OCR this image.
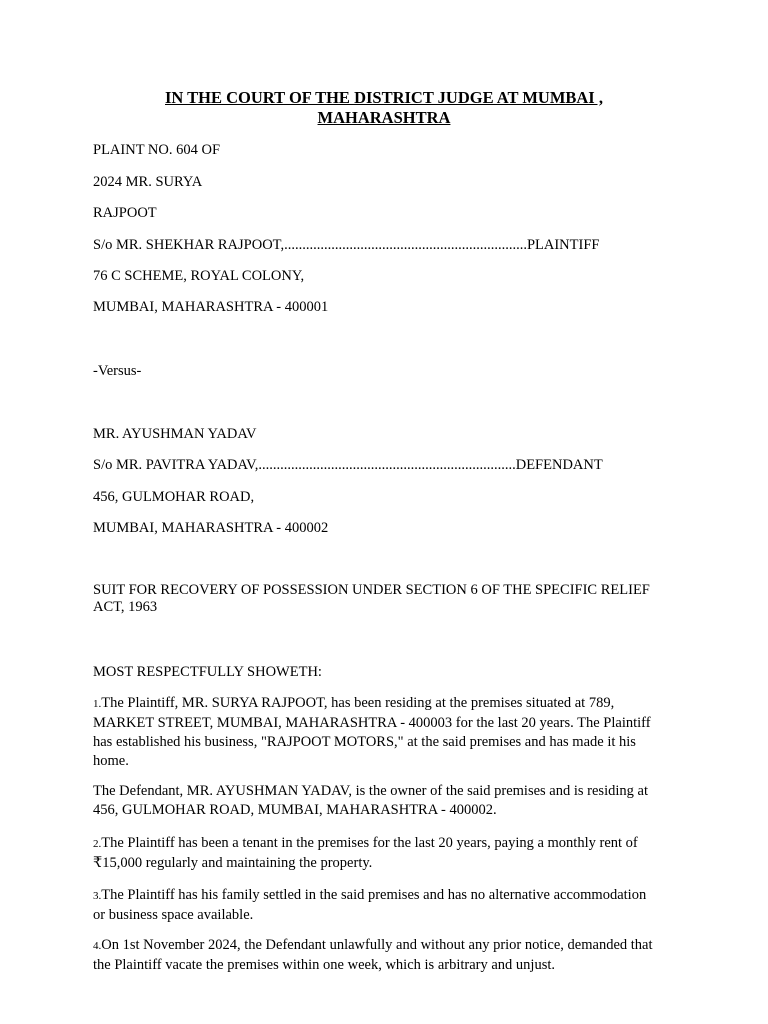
IN THE COURT OF THE DISTRICT JUDGE AT MUMBAI ,
MAHARASHTRA
PLAINT NO. 604 OF
2024 MR. SURYA
RAJPOOT
S/o MR. SHEKHAR RAJPOOT,...................................................................PLAINTIFF
76 C SCHEME, ROYAL COLONY,
MUMBAI, MAHARASHTRA - 400001
-Versus-
MR. AYUSHMAN YADAV
S/o MR. PAVITRA YADAV,.......................................................................DEFENDANT
456, GULMOHAR ROAD,
MUMBAI, MAHARASHTRA - 400002
SUIT FOR RECOVERY OF POSSESSION UNDER SECTION 6 OF THE SPECIFIC RELIEF ACT, 1963
MOST RESPECTFULLY SHOWETH:
1.The Plaintiff, MR. SURYA RAJPOOT, has been residing at the premises situated at 789, MARKET STREET, MUMBAI, MAHARASHTRA - 400003 for the last 20 years. The Plaintiff has established his business, "RAJPOOT MOTORS," at the said premises and has made it his home.
The Defendant, MR. AYUSHMAN YADAV, is the owner of the said premises and is residing at 456, GULMOHAR ROAD, MUMBAI, MAHARASHTRA - 400002.
2.The Plaintiff has been a tenant in the premises for the last 20 years, paying a monthly rent of ₹15,000 regularly and maintaining the property.
3.The Plaintiff has his family settled in the said premises and has no alternative accommodation or business space available.
4.On 1st November 2024, the Defendant unlawfully and without any prior notice, demanded that the Plaintiff vacate the premises within one week, which is arbitrary and unjust.
